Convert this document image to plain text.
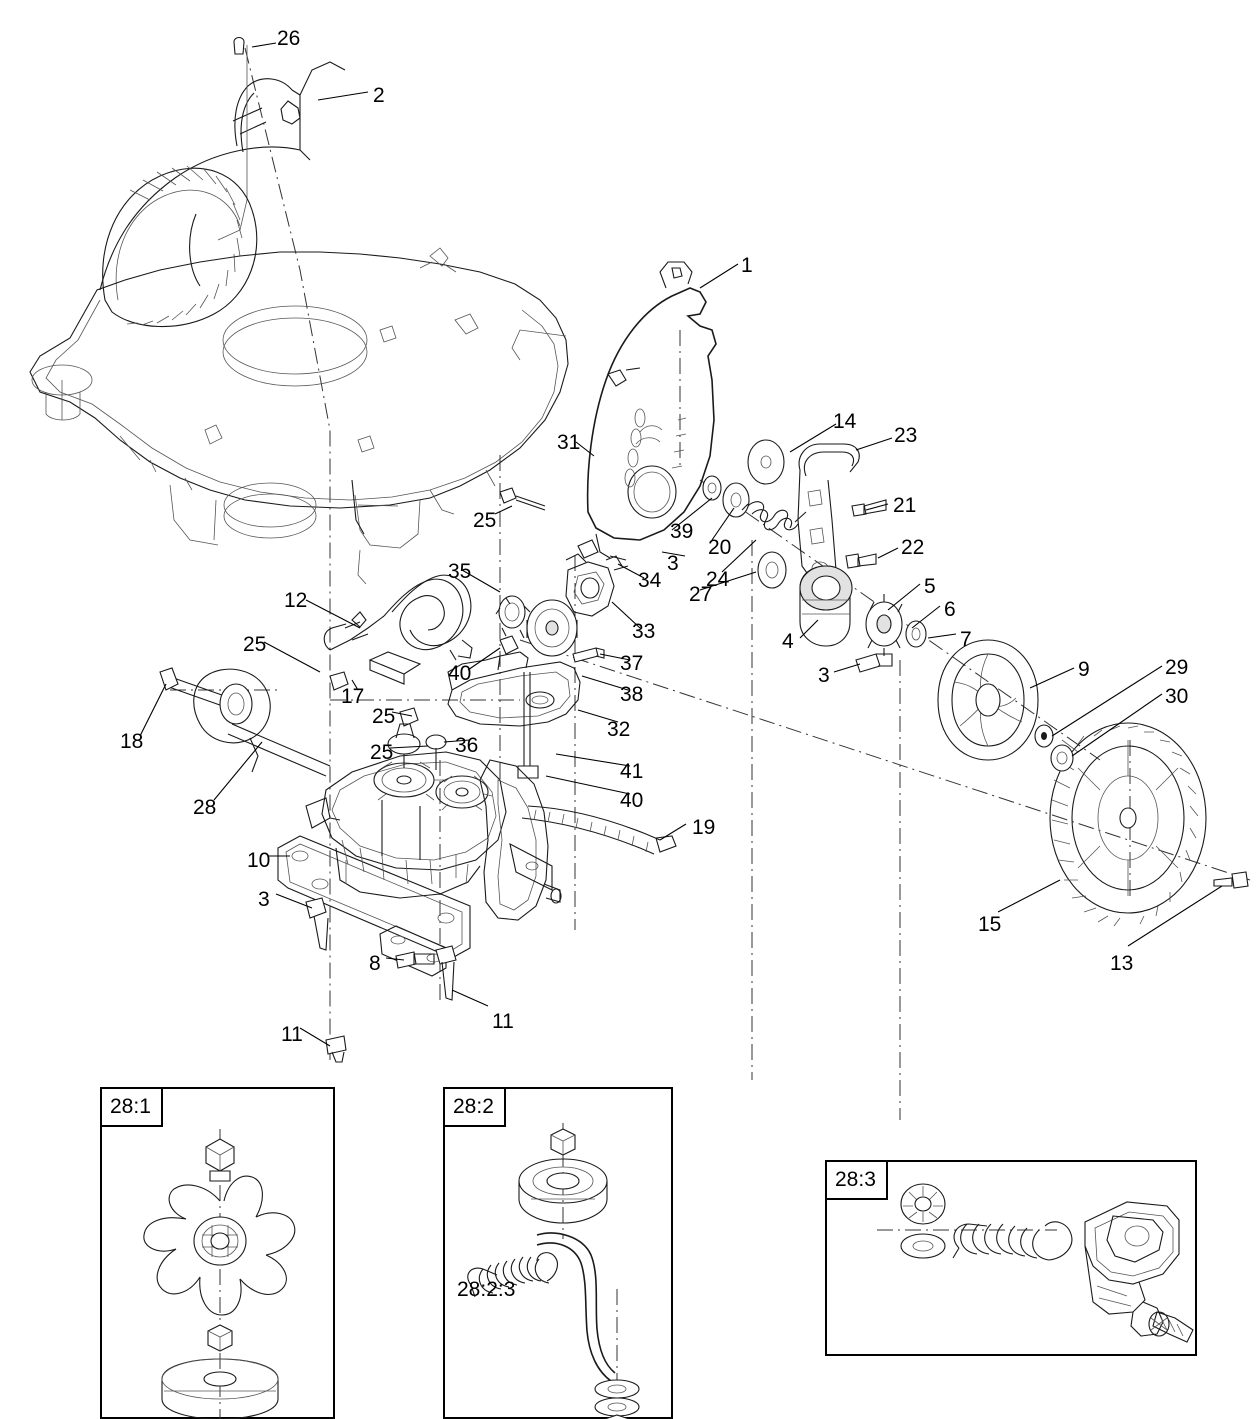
26
2
1
14
23
31
21
25	39
20	22
3
24
35	34
27
12
5
6
33	7
4
25
37
40	9	29
38
17	30
3
25
32
18	36
25
41
28	40
19
10
15
3
13
8
11
11
28:1	28:2
28:2:3
28:3
